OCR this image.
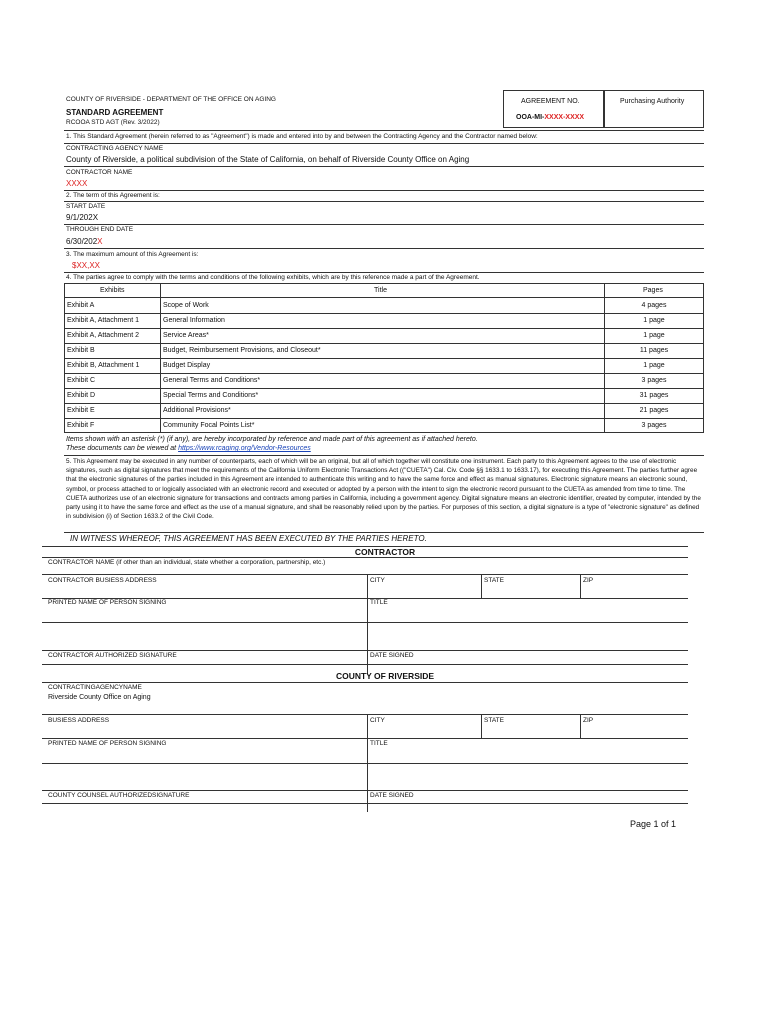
COUNTY OF RIVERSIDE - DEPARTMENT OF THE OFFICE ON AGING
STANDARD AGREEMENT
RCOOA STD AGT (Rev. 3/2022)
AGREEMENT NO.
OOA-MI-XXXX-XXXX
Purchasing Authority
1. This Standard Agreement (herein referred to as "Agreement") is made and entered into by and between the Contracting Agency and the Contractor named below:
CONTRACTING AGENCY NAME
County of Riverside, a political subdivision of the State of California, on behalf of Riverside County Office on Aging
CONTRACTOR NAME
XXXX
2. The term of this Agreement is:
START DATE
9/1/202X
THROUGH END DATE
6/30/202X
3. The maximum amount of this Agreement is:
$XX,XX
4. The parties agree to comply with the terms and conditions of the following exhibits, which are by this reference made a part of the Agreement.
Exhibits	Title	Pages
Exhibit A	Scope of Work	4 pages
Exhibit A, Attachment 1	General Information	1 page
Exhibit A, Attachment 2	Service Areas*	1 page
Exhibit B	Budget, Reimbursement Provisions, and Closeout*	11 pages
Exhibit B, Attachment 1	Budget Display	1 page
Exhibit C	General Terms and Conditions*	3 pages
Exhibit D	Special Terms and Conditions*	31 pages
Exhibit E	Additional Provisions*	21 pages
Exhibit F	Community Focal Points List*	3 pages
Items shown with an asterisk (*) (if any), are hereby incorporated by reference and made part of this agreement as if attached hereto.
These documents can be viewed at https://www.rcaging.org/Vendor-Resources
5. This Agreement may be executed in any number of counterparts, each of which will be an original, but all of which together will constitute one instrument. Each party to this Agreement agrees to the use of electronic signatures, such as digital signatures that meet the requirements of the California Uniform Electronic Transactions Act (("CUETA") Cal. Civ. Code §§ 1633.1 to 1633.17), for executing this Agreement. The parties further agree that the electronic signatures of the parties included in this Agreement are intended to authenticate this writing and to have the same force and effect as manual signatures. Electronic signature means an electronic sound, symbol, or process attached to or logically associated with an electronic record and executed or adopted by a person with the intent to sign the electronic record pursuant to the CUETA as amended from time to time. The CUETA authorizes use of an electronic signature for transactions and contracts among parties in California, including a government agency. Digital signature means an electronic identifier, created by computer, intended by the party using it to have the same force and effect as the use of a manual signature, and shall be reasonably relied upon by the parties. For purposes of this section, a digital signature is a type of "electronic signature" as defined in subdivision (i) of Section 1633.2 of the Civil Code.
IN WITNESS WHEREOF, THIS AGREEMENT HAS BEEN EXECUTED BY THE PARTIES HERETO.
CONTRACTOR
CONTRACTOR NAME (if other than an individual, state whether a corporation, partnership, etc.)
CONTRACTOR BUSIESS ADDRESS	CITY	STATE	ZIP
PRINTED NAME OF PERSON SIGNING	TITLE
CONTRACTOR AUTHORIZED SIGNATURE	DATE SIGNED
COUNTY OF RIVERSIDE
CONTRACTINGAGENCYNAME
Riverside County Office on Aging
BUSIESS ADDRESS	CITY	STATE	ZIP
PRINTED NAME OF PERSON SIGNING	TITLE
COUNTY COUNSEL AUTHORIZEDSIGNATURE	DATE SIGNED
Page 1 of 1
